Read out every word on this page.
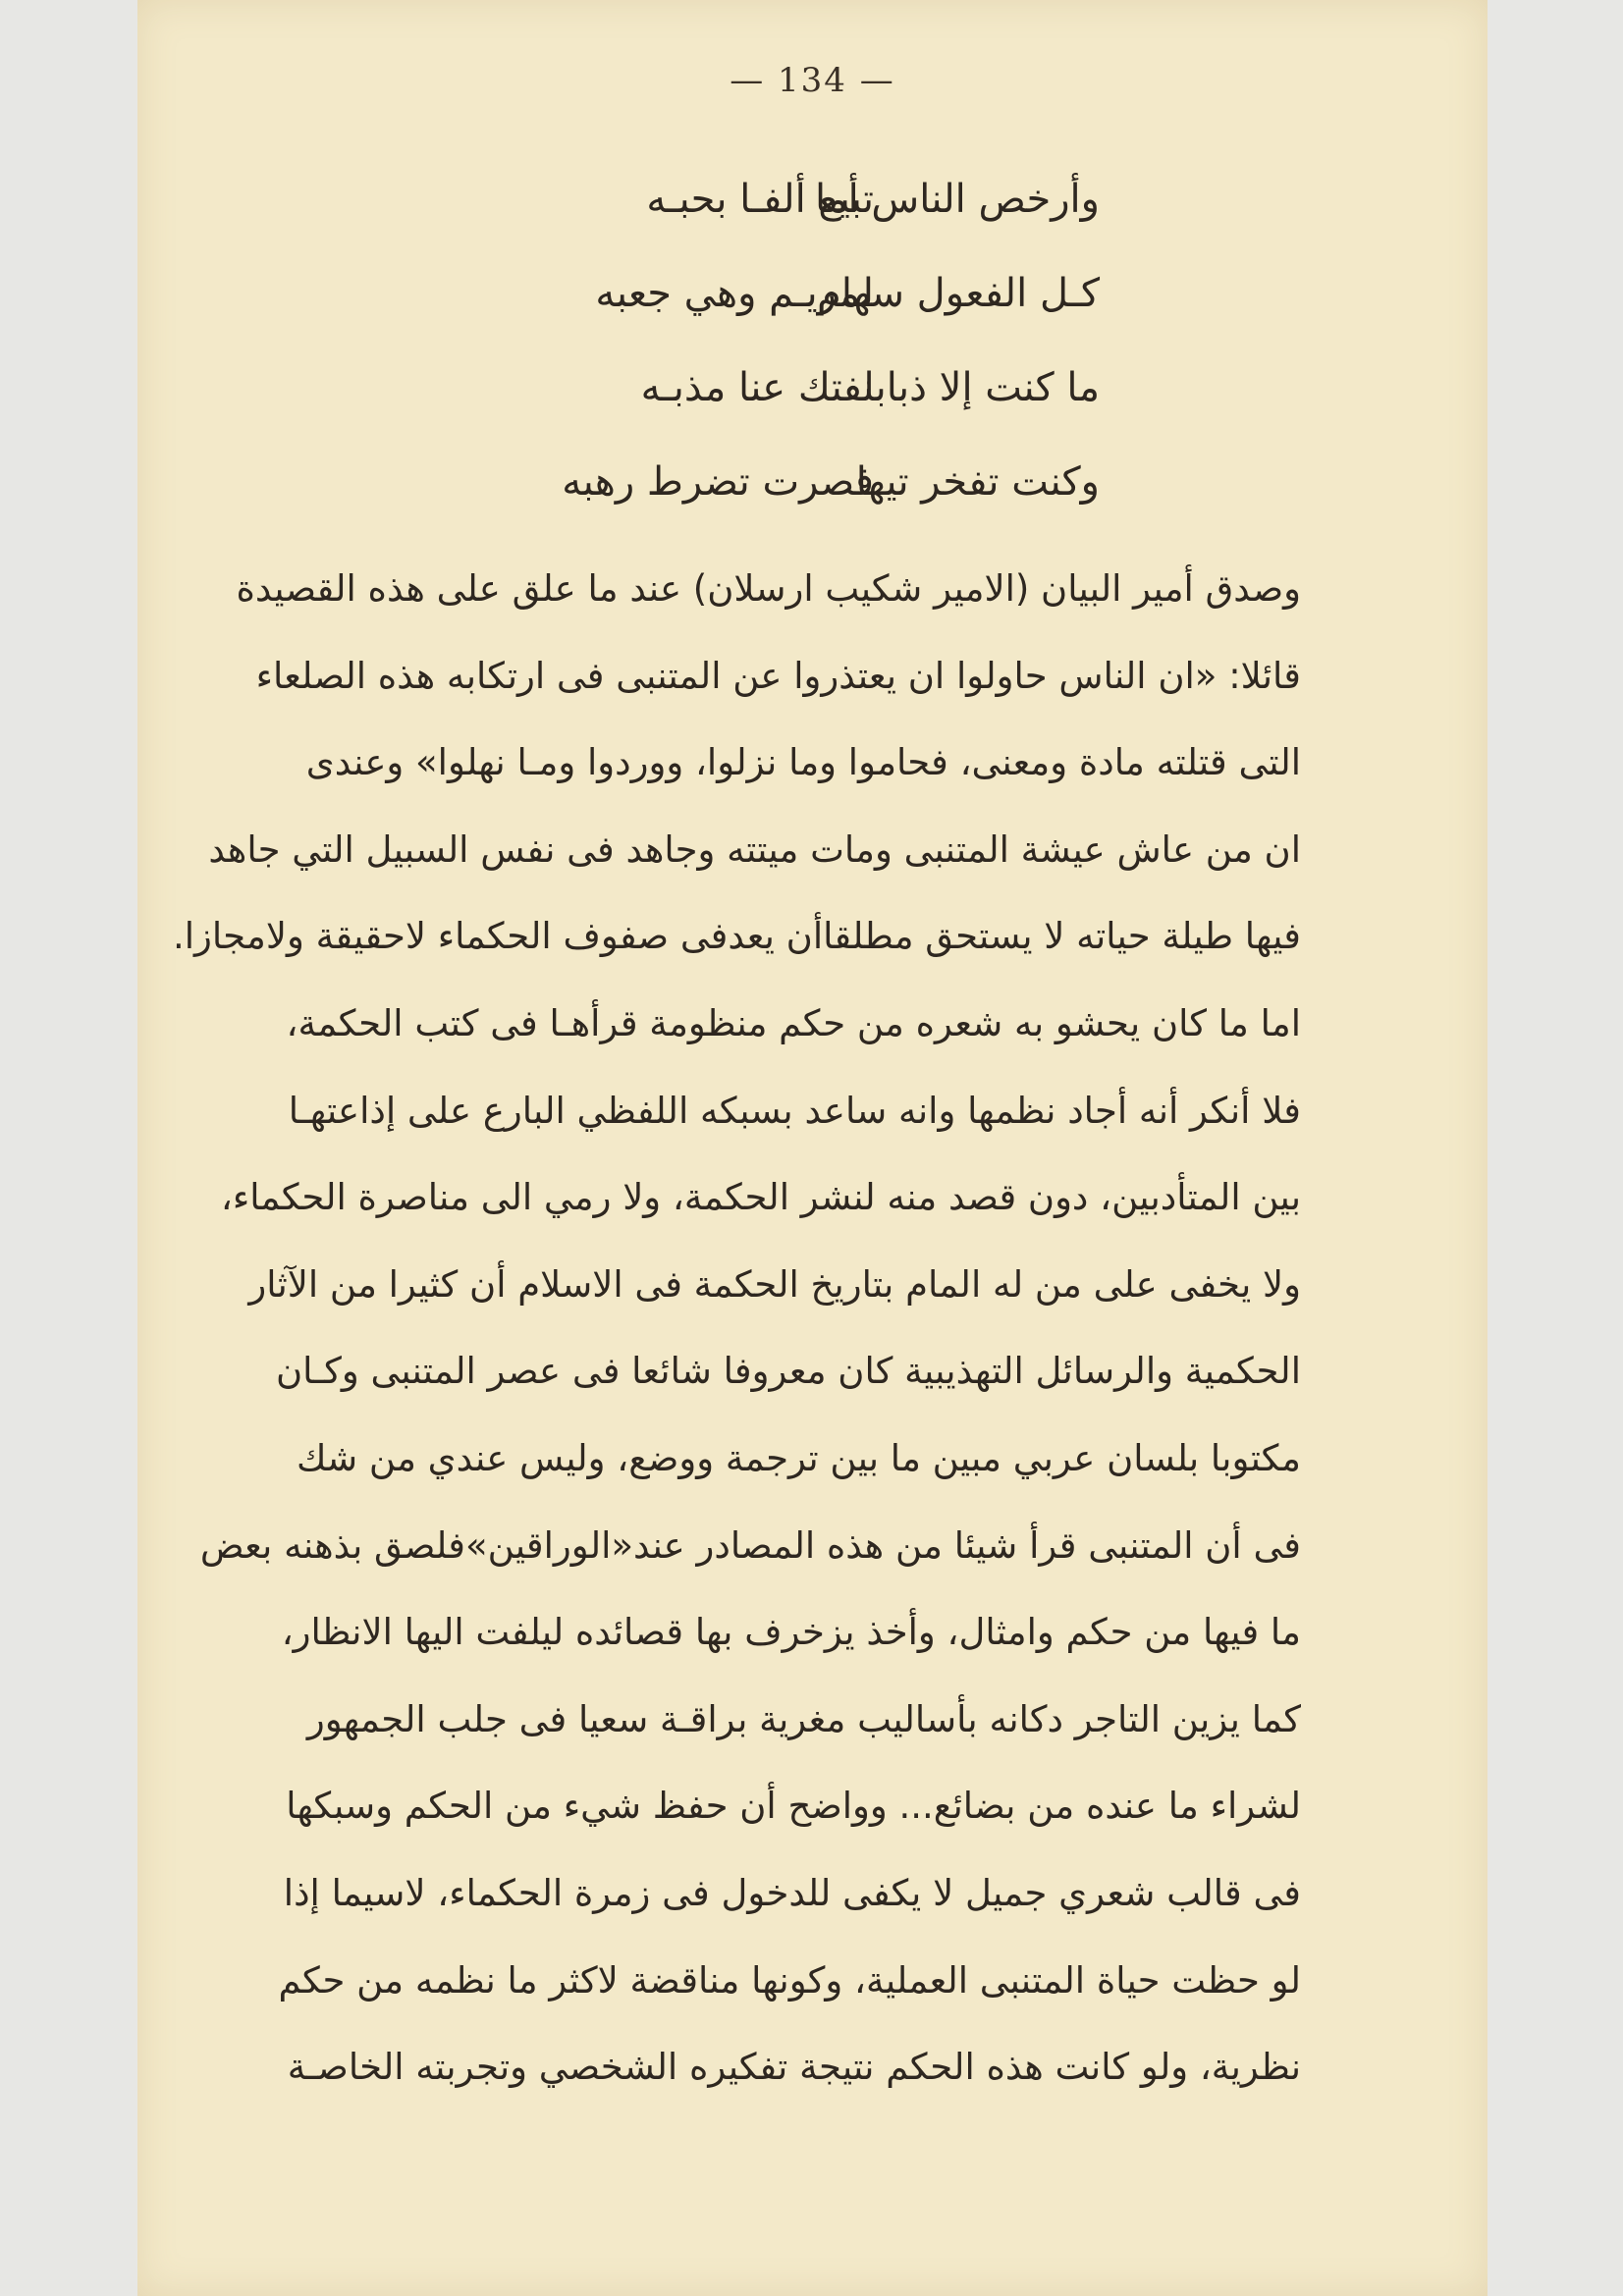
— 134 —
وأرخص الناس أما
تبيع ألفـا بحبـه
كـل الفعول سهام
لمريـم وهي جعبه
ما كنت إلا ذبابا
نفتك عنا مذبـه
وكنت تفخر تيها
فصرت تضرط رهبه
وصدق أمير البيان (الامير شكيب ارسلان) عند ما علق على هذه القصيدة
قائلا: «ان الناس حاولوا ان يعتذروا عن المتنبى فى ارتكابه هذه الصلعاء
التى قتلته مادة ومعنى، فحاموا وما نزلوا، ووردوا ومـا نهلوا» وعندى
ان من عاش عيشة المتنبى ومات ميتته وجاهد فى نفس السبيل التي جاهد
فيها طيلة حياته لا يستحق مطلقاأن يعدفى صفوف الحكماء لاحقيقة ولامجازا.
اما ما كان يحشو به شعره من حكم منظومة قرأهـا فى كتب الحكمة،
فلا أنكر أنه أجاد نظمها وانه ساعد بسبكه اللفظي البارع على إذاعتهـا
بين المتأدبين، دون قصد منه لنشر الحكمة، ولا رمي الى مناصرة الحكماء،
ولا يخفى على من له المام بتاريخ الحكمة فى الاسلام أن كثيرا من الآثار
الحكمية والرسائل التهذيبية كان معروفا شائعا فى عصر المتنبى وكـان
مكتوبا بلسان عربي مبين ما بين ترجمة ووضع، وليس عندي من شك
فى أن المتنبى قرأ شيئا من هذه المصادر عند«الوراقين»فلصق بذهنه بعض
ما فيها من حكم وامثال، وأخذ يزخرف بها قصائده ليلفت اليها الانظار،
كما يزين التاجر دكانه بأساليب مغرية براقـة سعيا فى جلب الجمهور
لشراء ما عنده من بضائع... وواضح أن حفظ شيء من الحكم وسبكها
فى قالب شعري جميل لا يكفى للدخول فى زمرة الحكماء، لاسيما إذا
لو حظت حياة المتنبى العملية، وكونها مناقضة لاكثر ما نظمه من حكم
نظرية، ولو كانت هذه الحكم نتيجة تفكيره الشخصي وتجربته الخاصـة
